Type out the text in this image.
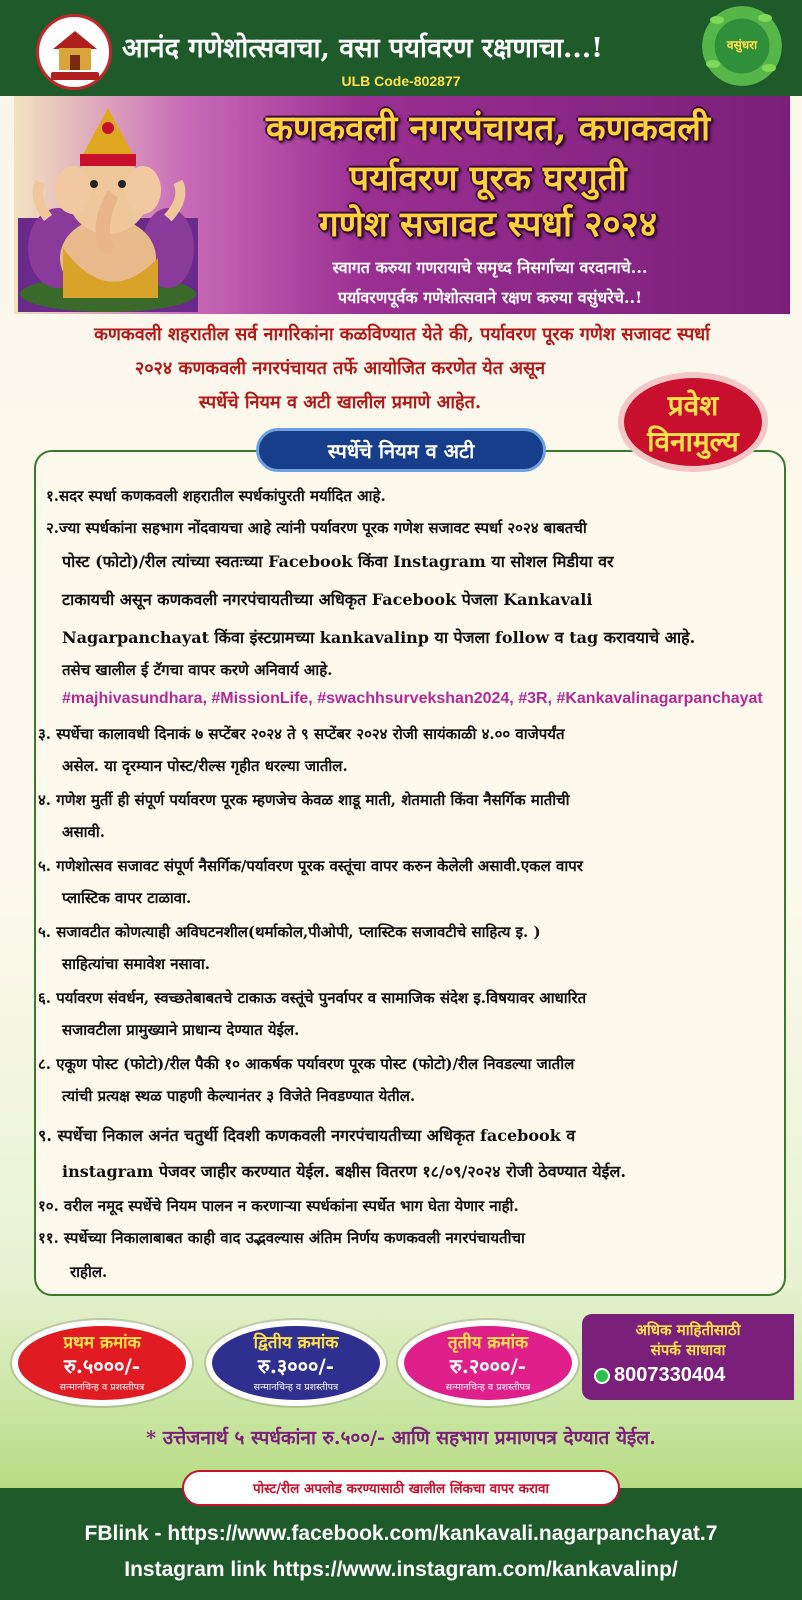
आनंद गणेशोत्सवाचा, वसा पर्यावरण रक्षणाचा...!
ULB Code-802877
वसुंधरा
कणकवली नगरपंचायत, कणकवली
पर्यावरण पूरक घरगुती
गणेश सजावट स्पर्धा २०२४
स्वागत करुया गणरायाचे समृध्द निसर्गाच्या वरदानाचे...
पर्यावरणपूर्वक गणेशोत्सवाने रक्षण करुया वसुंधरेचे..!
कणकवली शहरातील सर्व नागरिकांना कळविण्यात येते की, पर्यावरण पूरक गणेश सजावट स्पर्धा
२०२४ कणकवली नगरपंचायत तर्फे आयोजित करणेत येत असून
स्पर्धेचे नियम व अटी खालील प्रमाणे आहेत.	प्रवेश
विनामुल्य
स्पर्धेचे नियम व अटी
१.सदर स्पर्धा कणकवली शहरातील स्पर्धकांपुरती मर्यादित आहे.
२.ज्या स्पर्धकांना सहभाग नोंदवायचा आहे त्यांनी पर्यावरण पूरक गणेश सजावट स्पर्धा २०२४ बाबतची
पोस्ट (फोटो)/रील त्यांच्या स्वतःच्या Facebook किंवा Instagram या सोशल मिडीया वर
टाकायची असून कणकवली नगरपंचायतीच्या अधिकृत Facebook पेजला Kankavali
Nagarpanchayat किंवा इंस्टग्रामच्या kankavalinp या पेजला follow व tag करावयाचे आहे.
तसेच खालील ई टॅगचा वापर करणे अनिवार्य आहे.
#majhivasundhara, #MissionLife, #swachhsurvekshan2024, #3R, #Kankavalinagarpanchayat
३. स्पर्धेचा कालावधी दिनाकं ७ सप्टेंबर २०२४ ते ९ सप्टेंबर २०२४ रोजी सायंकाळी ४.०० वाजेपर्यंत
असेल. या दृरम्यान पोस्ट/रील्स गृहीत धरल्या जातील.
४. गणेश मुर्ती ही संपूर्ण पर्यावरण पूरक म्हणजेच केवळ शाडू माती, शेतमाती किंवा नैसर्गिक मातीची
असावी.
५. गणेशोत्सव सजावट संपूर्ण नैसर्गिक/पर्यावरण पूरक वस्तूंचा वापर करुन केलेली असावी.एकल वापर
प्लास्टिक वापर टाळावा.
५. सजावटीत कोणत्याही अविघटनशील(थर्माकोल,पीओपी, प्लास्टिक सजावटीचे साहित्य इ. )
साहित्यांचा समावेश नसावा.
६. पर्यावरण संवर्धन, स्वच्छतेबाबतचे टाकाऊ वस्तूंचे पुनर्वापर व सामाजिक संदेश इ.विषयावर आधारित
सजावटीला प्रामुख्याने प्राधान्य देण्यात येईल.
८. एकूण पोस्ट (फोटो)/रील पैकी १० आकर्षक पर्यावरण पूरक पोस्ट (फोटो)/रील निवडल्या जातील
त्यांची प्रत्यक्ष स्थळ पाहणी केल्यानंतर ३ विजेते निवडण्यात येतील.
९. स्पर्धेचा निकाल अनंत चतुर्थी दिवशी कणकवली नगरपंचायतीच्या अधिकृत facebook व
instagram पेजवर जाहीर करण्यात येईल. बक्षीस वितरण १८/०९/२०२४ रोजी ठेवण्यात येईल.
१०. वरील नमूद स्पर्धेचे नियम पालन न करणाऱ्या स्पर्धकांना स्पर्धेत भाग घेता येणार नाही.
११. स्पर्धेच्या निकालाबाबत काही वाद उद्भवल्यास अंतिम निर्णय कणकवली नगरपंचायतीचा
राहील.
प्रथम क्रमांक
रु.५०००/-
सन्मानचिन्ह व प्रशस्तीपत्र
द्वितीय क्रमांक
रु.३०००/-
सन्मानचिन्ह व प्रशस्तीपत्र
तृतीय क्रमांक
रु.२०००/-
सन्मानचिन्ह व प्रशस्तीपत्र
अधिक माहितीसाठी
संपर्क साधावा
8007330404
* उत्तेजनार्थ ५ स्पर्धकांना रु.५००/- आणि सहभाग प्रमाणपत्र देण्यात येईल.
पोस्ट/रील अपलोड करण्यासाठी खालील लिंकचा वापर करावा
FBlink - https://www.facebook.com/kankavali.nagarpanchayat.7
Instagram link https://www.instagram.com/kankavalinp/
